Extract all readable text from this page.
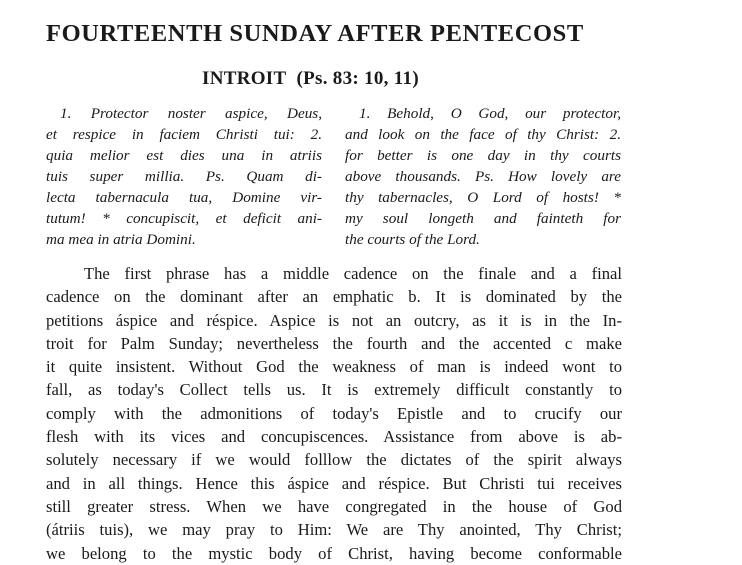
FOURTEENTH SUNDAY AFTER PENTECOST
INTROIT (Ps. 83: 10, 11)
1. Protector noster aspice, Deus,
et respice in faciem Christi tui: 2.
quia melior est dies una in atriis
tuis super millia. Ps. Quam di-
lecta tabernacula tua, Domine vir-
tutum! * concupiscit, et deficit ani-
ma mea in atria Domini.
1. Behold, O God, our protector,
and look on the face of thy Christ: 2.
for better is one day in thy courts
above thousands. Ps. How lovely are
thy tabernacles, O Lord of hosts! *
my soul longeth and fainteth for
the courts of the Lord.
The first phrase has a middle cadence on the finale and a final
cadence on the dominant after an emphatic b. It is dominated by the
petitions áspice and réspice. Aspice is not an outcry, as it is in the In-
troit for Palm Sunday; nevertheless the fourth and the accented c make
it quite insistent. Without God the weakness of man is indeed wont to
fall, as today's Collect tells us. It is extremely difficult constantly to
comply with the admonitions of today's Epistle and to crucify our
flesh with its vices and concupiscences. Assistance from above is ab-
solutely necessary if we would folllow the dictates of the spirit always
and in all things. Hence this áspice and réspice. But Christi tui receives
still greater stress. When we have congregated in the house of God
(átriis tuis), we may pray to Him: We are Thy anointed, Thy Christ;
we belong to the mystic body of Christ, having become conformable
